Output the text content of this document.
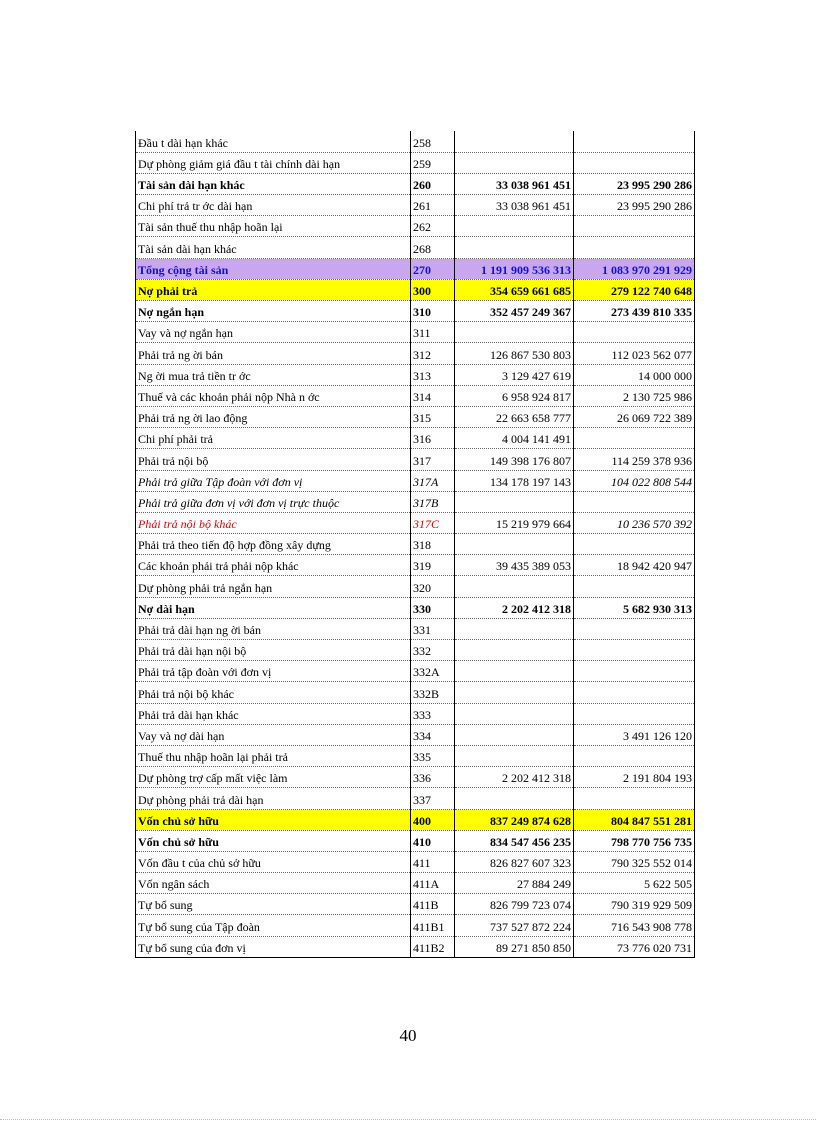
Đầu t dài hạn khác	258		
Dự phòng giảm giá đầu t tài chính dài hạn	259		
Tài sản dài hạn khác	260	33 038 961 451	23 995 290 286
Chi phí trả tr ớc dài hạn	261	33 038 961 451	23 995 290 286
Tài sản thuế thu nhập hoãn lại	262		
Tài sản dài hạn khác	268		
Tổng cộng tài sản	270	1 191 909 536 313	1 083 970 291 929
Nợ phải trả	300	354 659 661 685	279 122 740 648
Nợ ngắn hạn	310	352 457 249 367	273 439 810 335
Vay và nợ ngắn hạn	311		
Phải trả ng ời bán	312	126 867 530 803	112 023 562 077
Ng ời mua trả tiền tr ớc	313	3 129 427 619	14 000 000
Thuế và các khoản phải nộp Nhà n ớc	314	6 958 924 817	2 130 725 986
Phải trả ng ời lao động	315	22 663 658 777	26 069 722 389
Chi phí phải trả	316	4 004 141 491	
Phải trả nội bộ	317	149 398 176 807	114 259 378 936
Phải trả giữa Tập đoàn với đơn vị	317A	134 178 197 143	104 022 808 544
Phải trả giữa đơn vị với đơn vị trực thuộc	317B		
Phải trả nội bộ khác	317C	15 219 979 664	10 236 570 392
Phải trả theo tiến độ hợp đồng xây dựng	318		
Các khoản phải trả phải nộp khác	319	39 435 389 053	18 942 420 947
Dự phòng phải trả ngắn hạn	320		
Nợ dài hạn	330	2 202 412 318	5 682 930 313
Phải trả dài hạn ng ời bán	331		
Phải trả dài hạn nội bộ	332		
Phải trả tập đoàn với đơn vị	332A		
Phải trả nội bộ khác	332B		
Phải trả dài hạn khác	333		
Vay và nợ dài hạn	334		3 491 126 120
Thuế thu nhập hoãn lại phải trả	335		
Dự phòng trợ cấp mất việc làm	336	2 202 412 318	2 191 804 193
Dự phòng phải trả dài hạn	337		
Vốn chủ sở hữu	400	837 249 874 628	804 847 551 281
Vốn chủ sở hữu	410	834 547 456 235	798 770 756 735
Vốn đầu t của chủ sở hữu	411	826 827 607 323	790 325 552 014
Vốn ngân sách	411A	27 884 249	5 622 505
Tự bổ sung	411B	826 799 723 074	790 319 929 509
Tự bổ sung của Tập đoàn	411B1	737 527 872 224	716 543 908 778
Tự bổ sung của đơn vị	411B2	89 271 850 850	73 776 020 731
40
